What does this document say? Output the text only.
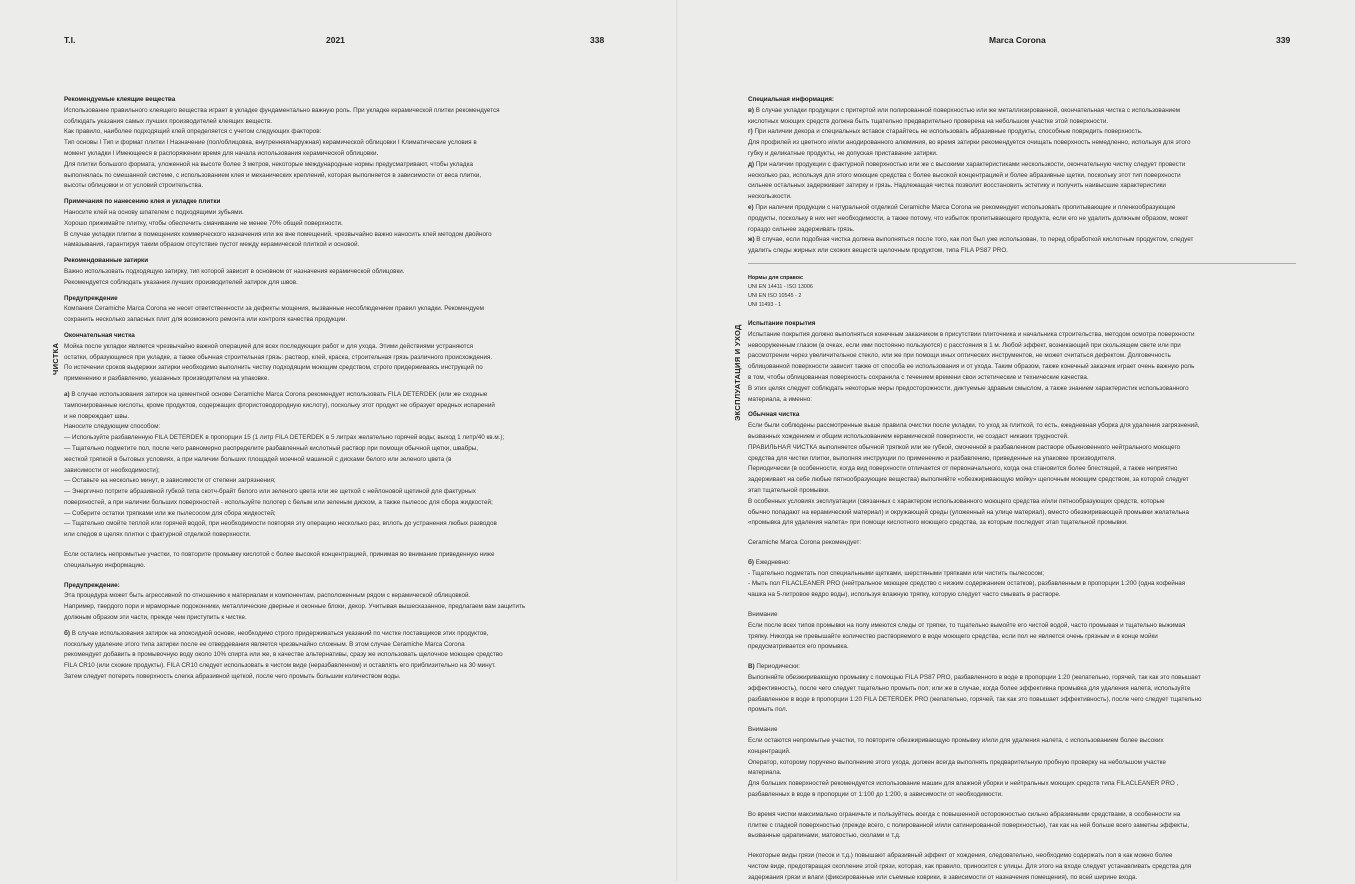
T.I.	2021	338
ЧИСТКА

Рекомендуемые клеящие вещества

Использование правильного клеящего вещества играет в укладке фундаментально важную роль. При укладке керамической плитки рекомендуется

соблюдать указания самых лучших производителей клеящих веществ.

Как правило, наиболее подходящий клей определяется с учетом следующих факторов:

Тип основы I Тип и формат плитки I Назначение (пол/облицовка, внутренняя/наружная) керамической облицовки I Климатические условия в

момент укладки I Имеющееся в распоряжении время для начала использования керамической облицовки.

Для плитки большого формата, уложенной на высоте более 3 метров, некоторые международные нормы предусматривают, чтобы укладка

выполнялась по смешанной системе, с использованием клея и механических креплений, которая выполняется в зависимости от веса плитки,

высоты облицовки и от условий строительства.

Примечания по нанесению клея и укладке плитки

Наносите клей на основу шпателем с подходящими зубьями.

Хорошо прижимайте плитку, чтобы обеспечить смачивание не менее 70% общей поверхности.

В случае укладки плитки в помещениях коммерческого назначения или же вне помещений, чрезвычайно важно наносить клей методом двойного

намазывания, гарантируя таким образом отсутствие пустот между керамической плиткой и основой.

Рекомендованные затирки

Важно использовать подходящую затирку, тип которой зависит в основном от назначения керамической облицовки.

Рекомендуется соблюдать указания лучших производителей затирок для швов.

Предупреждение

Компания Ceramiche Marca Corona не несет ответственности за дефекты мощения, вызванные несоблюдением правил укладки. Рекомендуем

сохранить несколько запасных плит для возможного ремонта или контроля качества продукции.

Окончательная чистка

Мойка после укладки является чрезвычайно важной операцией для всех последующих работ и для ухода. Этими действиями устраняются

остатки, образующиеся при укладке, а также обычная строительная грязь: раствор, клей, краска, строительная грязь различного происхождения.

По истечении сроков выдержки затирки необходимо выполнить чистку подходящим моющим средством, строго придерживаясь инструкций по

применению и разбавлению, указанных производителем на упаковке.

а) В случае использования затирок на цементной основе Ceramiche Marca Corona рекомендует использовать FILA DETERDEK (или же сходные

тампонированные кислоты, кроме продуктов, содержащих фтористоводородную кислоту), поскольку этот продукт не образует вредных испарений

и не повреждает швы.

Наносите следующим способом:

— Используйте разбавленную FILA DETERDEK в пропорции 15 (1 литр FILA DETERDEK в 5 литрах желательно горячей воды; выход 1 литр/40 кв.м.);

— Тщательно подметите пол, после чего равномерно распределите разбавленный кислотный раствор при помощи обычной щетки, швабры,

жесткой тряпкой в бытовых условиях, а при наличии больших площадей моечной машиной с дисками белого или зеленого цвета (в

зависимости от необходимости);

— Оставьте на несколько минут, в зависимости от степени загрязнения;

— Энергично потрите абразивной губкой типа скотч-брайт белого или зеленого цвета или же щеткой с нейлоновой щетиной для фактурных

поверхностей, а при наличии больших поверхностей - используйте полотер с белым или зеленым диском, а также пылесос для сбора жидкостей;

— Соберите остатки тряпками или же пылесосом для сбора жидкостей;

— Тщательно смойте теплой или горячей водой, при необходимости повторяя эту операцию несколько раз, вплоть до устранения любых разводов

или следов в щелях плитки с фактурной отделкой поверхности.

Если остались непромытые участки, то повторите промывку кислотой с более высокой концентрацией, принимая во внимание приведенную ниже

специальную информацию.

Предупреждение:

Эта процедура может быть агрессивной по отношению к материалам и компонентам, расположенным рядом с керамической облицовкой.

Например, твердого пори и мраморные подоконники, металлические дверные и оконные блоки, декор. Учитывая вышесказанное, предлагаем вам защитить

должным образом эти части, прежде чем приступить к чистке.

б) В случае использования затирок на эпоксидной основе, необходимо строго придерживаться указаний по чистке поставщиков этих продуктов,

поскольку удаление этого типа затирки после ее отвердевания является чрезвычайно сложным. В этом случае Ceramiche Marca Corona

рекомендует добавить в промывочную воду около 10% спирта или же, в качестве альтернативы, сразу же использовать щелочное моющее средство

FILA CR10 (или схожие продукты). FILA CR10 следует использовать в чистом виде (неразбавленном) и оставлять его приблизительно на 30 минут.

Затем следует потереть поверхность слегка абразивной щеткой, после чего промыть большим количеством воды.

Marca Corona	339
ЭКСПЛУАТАЦИЯ И УХОД

Специальная информация:

в) В случае укладки продукции с притертой или полированной поверхностью или же металлизированной, окончательная чистка с использованием

кислотных моющих средств должна быть тщательно предварительно проверена на небольшом участке этой поверхности.

г) При наличии декора и специальных вставок старайтесь не использовать абразивные продукты, способные повредить поверхность.

Для профилей из цветного и/или анодированного алюминия, во время затирки рекомендуется очищать поверхность немедленно, используя для этого

губку и деликатные продукты, не допуская приставание затирки.

д) При наличии продукции с фактурной поверхностью или же с высокими характеристиками нескользкости, окончательную чистку следует провести

несколько раз, используя для этого моющие средства с более высокой концентрацией и более абразивные щетки, поскольку этот тип поверхности

сильнее остальных задерживает затирку и грязь. Надлежащая чистка позволит восстановить эстетику и получить наивысшие характеристики

нескользкости.

е) При наличии продукции с натуральной отделкой Ceramiche Marca Corona не рекомендует использовать пропитывающие и пленкообразующие

продукты, поскольку в них нет необходимости, а также потому, что избыток пропитывающего продукта, если его не удалить должным образом, может

гораздо сильнее задерживать грязь.

ж) В случае, если подобная чистка должна выполняться после того, как пол был уже использован, то перед обработкой кислотным продуктом, следует

удалить следы жирных или схожих веществ щелочным продуктом, типа FILA PS87 PRO.

Нормы для справок:

UNI EN 14411 - ISO 13006

UNI EN ISO 10545 - 2

UNI 11493 - 1

Испытание покрытия

Испытание покрытия должно выполняться конечным заказчиком в присутствии плиточника и начальника строительства, методом осмотра поверхности

невооруженным глазом (в очках, если ими постоянно пользуются) с расстояния в 1 м. Любой эффект, возникающий при скользящем свете или при

рассмотрении через увеличительное стекло, или же при помощи иных оптических инструментов, не может считаться дефектом. Долговечность

облицованной поверхности зависит также от способа ее использования и от ухода. Таким образом, также конечный заказчик играет очень важную роль

в том, чтобы облицованная поверхность сохранила с течением времени свои эстетические и технические качества.

В этих целях следует соблюдать некоторые меры предосторожности, диктуемые здравым смыслом, а также знанием характеристик использованного

материала, а именно:

Обычная чистка

Если были соблюдены рассмотренные выше правила очистки после укладки, то уход за плиткой, то есть, ежедневная уборка для удаления загрязнений,

вызванных хождением и общим использованием керамической поверхности, не создаст никаких трудностей.

ПРАВИЛЬНАЯ ЧИСТКА выполняется обычной тряпкой или же губкой, смоченной в разбавленном растворе обыкновенного нейтрального моющего

средства для чистки плитки, выполняя инструкции по применению и разбавлению, приведенные на упаковке производителя.

Периодически (в особенности, когда вид поверхности отличается от первоначального, когда она становится более блестящей, а также неприятно

задерживает на себе любые пятнообразующие вещества) выполняйте «обезжиривающую мойку» щелочным моющим средством, за которой следует

этап тщательной промывки.

В особенных условиях эксплуатации (связанных с характером использованного моющего средства и/или пятнообразующих средств, которые

обычно попадают на керамический материал) и окружающей среды (уложенный на улице материал), вместо обезжиривающей промывки желательна

«промывка для удаления налета» при помощи кислотного моющего средства, за которым последует этап тщательной промывки.

Ceramiche Marca Corona рекомендует:

б) Ежедневно:

- Тщательно подметать пол специальными щетками, шерстяными тряпками или чистить пылесосом;

- Мыть пол FILACLEANER PRO (нейтральное моющее средство с низким содержанием остатков), разбавленным в пропорции 1:200 (одна кофейная

чашка на 5-литровое ведро воды), используя влажную тряпку, которую следует часто смывать в растворе.

Внимание

Если после всех типов промывки на полу имеются следы от тряпки, то тщательно вымойте его чистой водой, часто промывая и тщательно выжимая

тряпку. Никогда не превышайте количество растворяемого в воде моющего средства, если пол не является очень грязным и в конце мойки

предусматривается его промывка.

В) Периодически:

Выполняйте обезжиривающую промывку с помощью FILA PS87 PRO, разбавленного в воде в пропорции 1:20 (желательно, горячей, так как это повышает

эффективность), после чего следует тщательно промыть пол; или же в случае, когда более эффективна промывка для удаления налета, используйте

разбавленное в воде в пропорции 1:20 FILA DETERDEK PRO (желательно, горячей, так как это повышает эффективность), после чего следует тщательно

промыть пол.

Внимание

Если остаются непромытые участки, то повторите обезжиривающую промывку и/или для удаления налета, с использованием более высоких

концентраций.

Оператор, которому поручено выполнение этого ухода, должен всегда выполнять предварительную пробную проверку на небольшом участке

материала.

Для больших поверхностей рекомендуется использование машин для влажной уборки и нейтральных моющих средств типа FILACLEANER PRO ,

разбавленных в воде в пропорции от 1:100 до 1:200, в зависимости от необходимости.

Во время чистки максимально ограничьте и пользуйтесь всегда с повышенной осторожностью сильно абразивными средствами, в особенности на

плитке с гладкой поверхностью (прежде всего, с полированной и/или сатинированной поверхностью), так как на ней больше всего заметны эффекты,

вызванные царапинами, матовостью, сколами и т.д.

Некоторые виды грязи (песок и т.д.) повышают абразивный эффект от хождения, следовательно, необходимо содержать пол в как можно более

чистом виде, предотвращая скопление этой грязи, которая, как правило, приносится с улицы. Для этого на входе следует устанавливать средства для

задержания грязи и влаги (фиксированные или съемные коврики, в зависимости от назначения помещения), по всей ширине входа.
